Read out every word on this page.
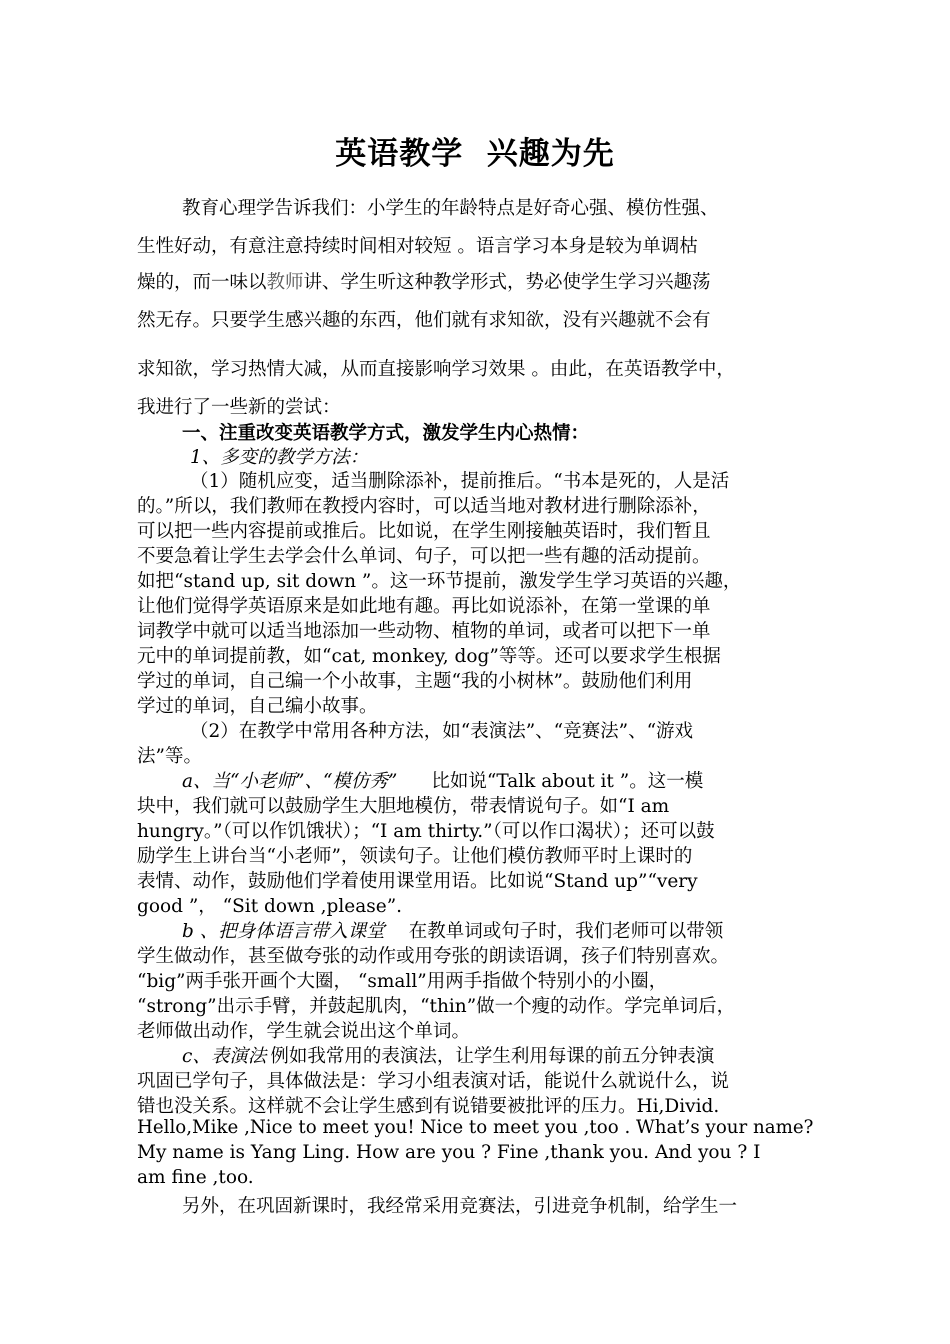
英语教学  兴趣为先
教育心理学告诉我们：小学生的年龄特点是好奇心强、模仿性强、
生性好动，有意注意持续时间相对较短 。语言学习本身是较为单调枯
燥的，而一味以教师讲、学生听这种教学形式，势必使学生学习兴趣荡
然无存。只要学生感兴趣的东西，他们就有求知欲，没有兴趣就不会有
求知欲，学习热情大减，从而直接影响学习效果 。由此，在英语教学中，
我进行了一些新的尝试：
一、注重改变英语教学方式，激发学生内心热情：
1、多变的教学方法：
（1）随机应变，适当删除添补，提前推后。“书本是死的，人是活
的。”所以，我们教师在教授内容时，可以适当地对教材进行删除添补，
可以把一些内容提前或推后。比如说，在学生刚接触英语时，我们暂且
不要急着让学生去学会什么单词、句子，可以把一些有趣的活动提前。
如把“stand up, sit down ”。这一环节提前，激发学生学习英语的兴趣，
让他们觉得学英语原来是如此地有趣。再比如说添补，在第一堂课的单
词教学中就可以适当地添加一些动物、植物的单词，或者可以把下一单
元中的单词提前教，如“cat, monkey, dog”等等。还可以要求学生根据
学过的单词，自己编一个小故事，主题“我的小树林”。鼓励他们利用
学过的单词，自己编小故事。
（2）在教学中常用各种方法，如“表演法”、“竞赛法”、“游戏
法”等。
a、当“小老师”、“模仿秀” 比如说“Talk about it ”。这一模
块中，我们就可以鼓励学生大胆地模仿，带表情说句子。如“I am
hungry。”（可以作饥饿状）；“I am thirty.”（可以作口渴状）；还可以鼓
励学生上讲台当“小老师”，领读句子。让他们模仿教师平时上课时的
表情、动作，鼓励他们学着使用课堂用语。比如说“Stand up”“very
good ”， “Sit down ,please”.
b 、把身体语言带入课堂 在教单词或句子时，我们老师可以带领
学生做动作，甚至做夸张的动作或用夸张的朗读语调，孩子们特别喜欢。
“big”两手张开画个大圈， “small”用两手指做个特别小的小圈，
“strong”出示手臂，并鼓起肌肉，“thin”做一个瘦的动作。学完单词后，
老师做出动作，学生就会说出这个单词。
c、表演法 例如我常用的表演法，让学生利用每课的前五分钟表演
巩固已学句子，具体做法是：学习小组表演对话，能说什么就说什么，说
错也没关系。这样就不会让学生感到有说错要被批评的压力。Hi,Divid.
Hello,Mike ,Nice to meet you! Nice to meet you ,too . What’s your name?
My name is Yang Ling. How are you ? Fine ,thank you. And you ? I
am fine ,too.
另外，在巩固新课时，我经常采用竞赛法，引进竞争机制，给学生一
